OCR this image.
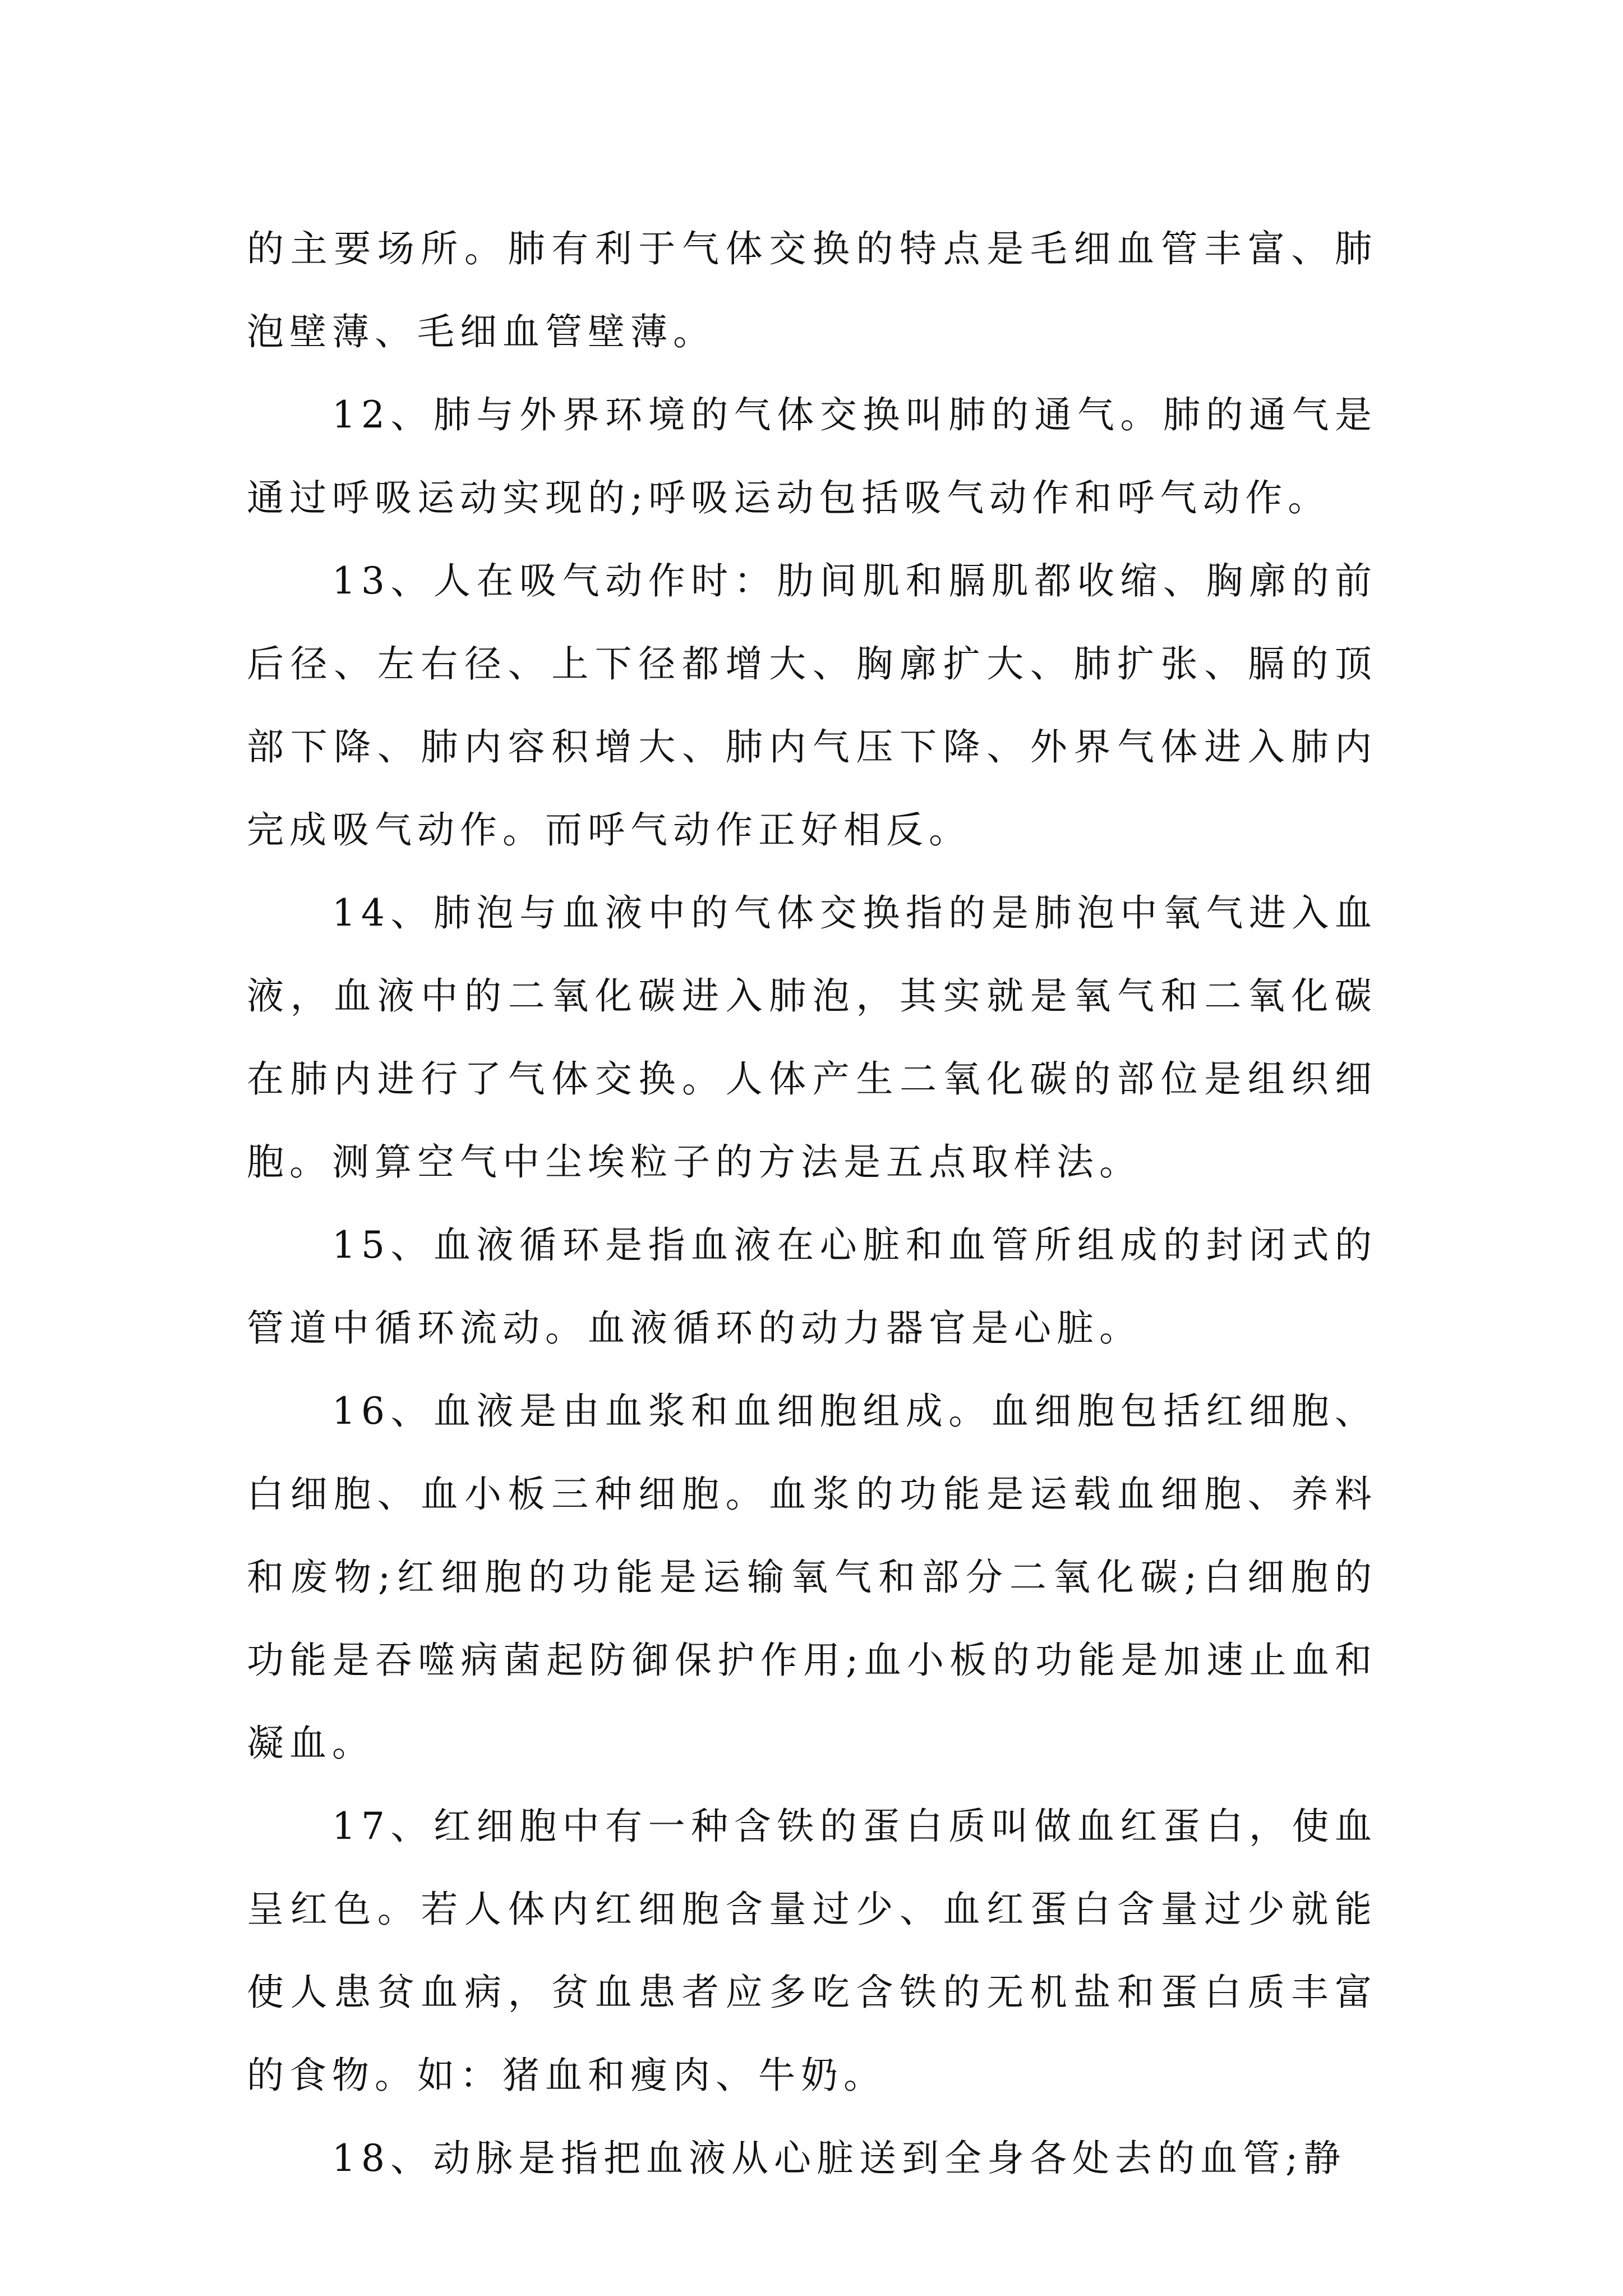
的主要场所。肺有利于气体交换的特点是毛细血管丰富、肺泡壁薄、毛细血管壁薄。

12、肺与外界环境的气体交换叫肺的通气。肺的通气是通过呼吸运动实现的;呼吸运动包括吸气动作和呼气动作。

13、人在吸气动作时：肋间肌和膈肌都收缩、胸廓的前后径、左右径、上下径都增大、胸廓扩大、肺扩张、膈的顶部下降、肺内容积增大、肺内气压下降、外界气体进入肺内完成吸气动作。而呼气动作正好相反。

14、肺泡与血液中的气体交换指的是肺泡中氧气进入血液，血液中的二氧化碳进入肺泡，其实就是氧气和二氧化碳在肺内进行了气体交换。人体产生二氧化碳的部位是组织细胞。测算空气中尘埃粒子的方法是五点取样法。

15、血液循环是指血液在心脏和血管所组成的封闭式的管道中循环流动。血液循环的动力器官是心脏。

16、血液是由血浆和血细胞组成。血细胞包括红细胞、白细胞、血小板三种细胞。血浆的功能是运载血细胞、养料和废物;红细胞的功能是运输氧气和部分二氧化碳;白细胞的功能是吞噬病菌起防御保护作用;血小板的功能是加速止血和凝血。

17、红细胞中有一种含铁的蛋白质叫做血红蛋白，使血呈红色。若人体内红细胞含量过少、血红蛋白含量过少就能使人患贫血病，贫血患者应多吃含铁的无机盐和蛋白质丰富的食物。如：猪血和瘦肉、牛奶。

18、动脉是指把血液从心脏送到全身各处去的血管;静
